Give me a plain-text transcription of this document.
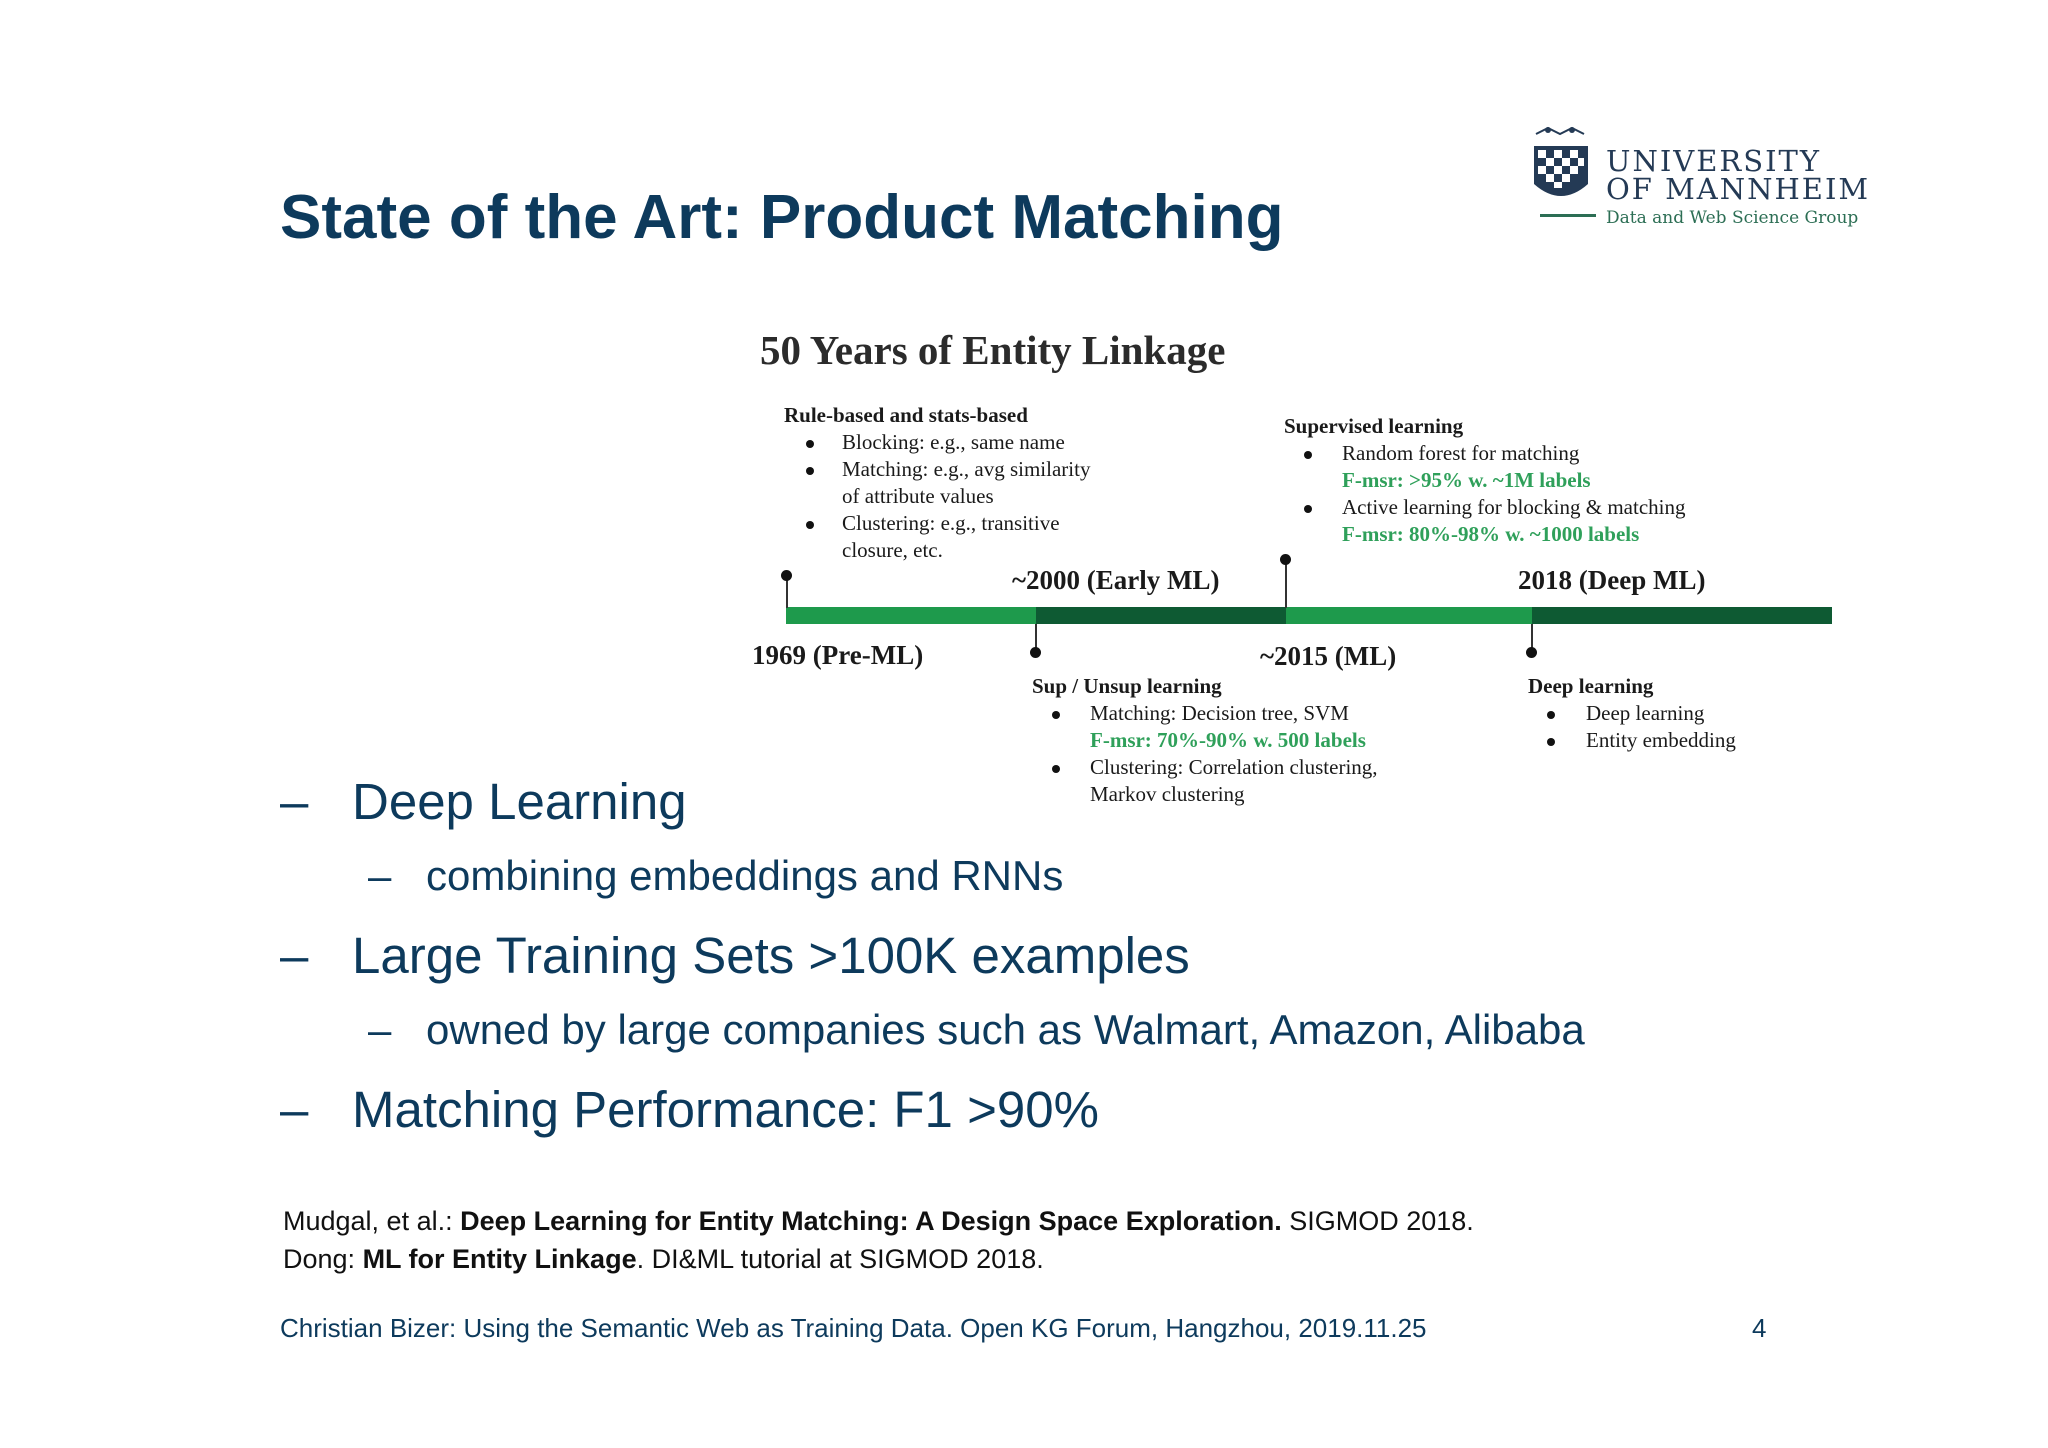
State of the Art: Product Matching
UNIVERSITY
OF MANNHEIM
Data and Web Science Group
50 Years of Entity Linkage
Rule-based and stats-based
Blocking: e.g., same name
Matching: e.g., avg similarity
of attribute values
Clustering: e.g., transitive
closure, etc.
Supervised learning
Random forest for matching
F-msr: >95% w. ~1M labels
Active learning for blocking & matching
F-msr: 80%-98% w. ~1000 labels
~2000 (Early ML)	2018 (Deep ML)
1969 (Pre-ML)	~2015 (ML)
Sup / Unsup learning
Matching: Decision tree, SVM
F-msr: 70%-90% w. 500 labels
Clustering: Correlation clustering,
Markov clustering
Deep learning
Deep learning
Entity embedding
– Deep Learning
– combining embeddings and RNNs
– Large Training Sets >100K examples
– owned by large companies such as Walmart, Amazon, Alibaba
– Matching Performance: F1 >90%
Mudgal, et al.: Deep Learning for Entity Matching: A Design Space Exploration. SIGMOD 2018.
Dong: ML for Entity Linkage. DI&ML tutorial at SIGMOD 2018.
Christian Bizer: Using the Semantic Web as Training Data. Open KG Forum, Hangzhou, 2019.11.25	4
